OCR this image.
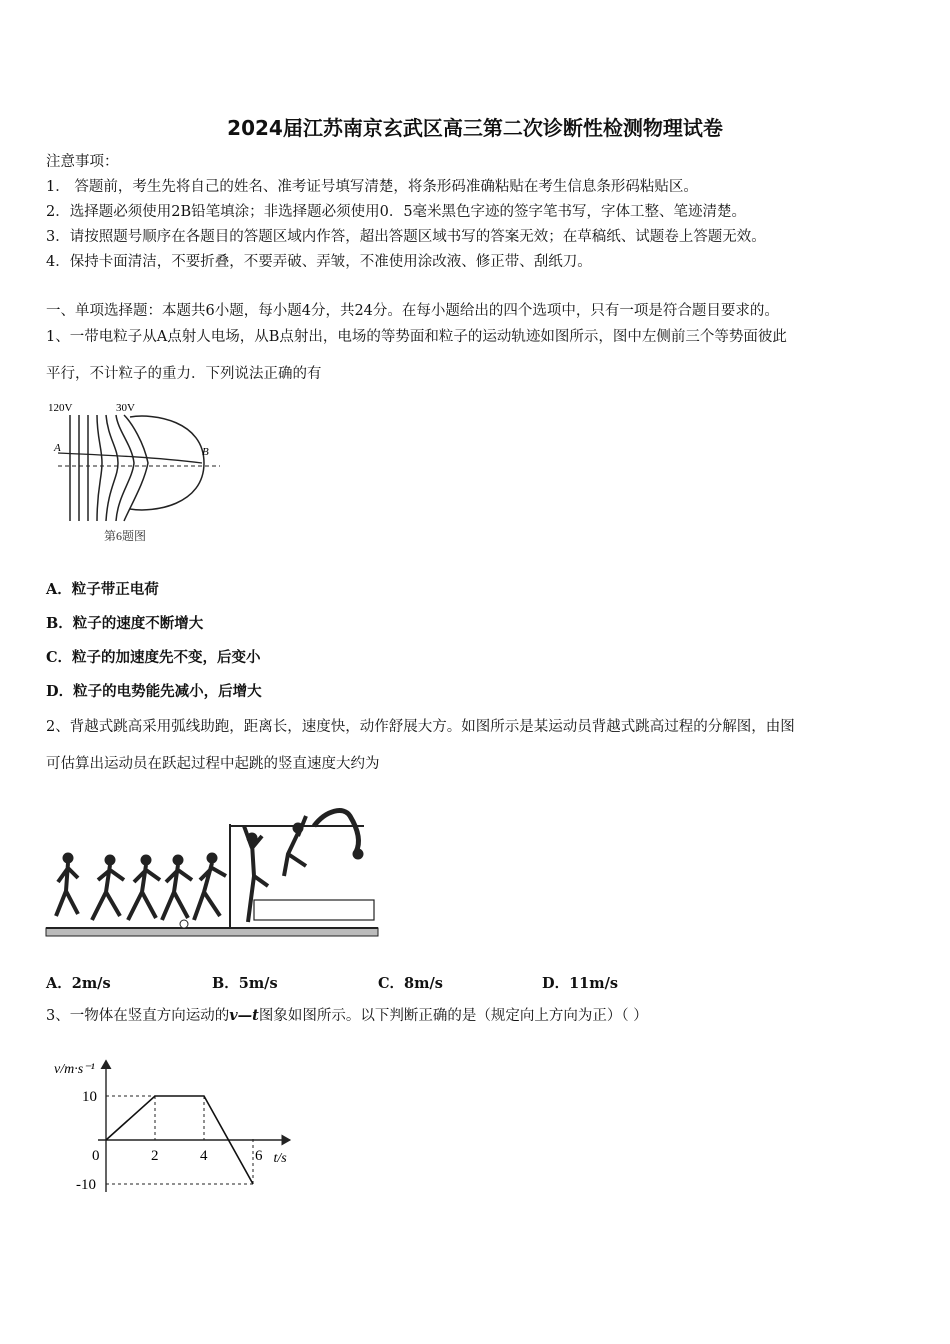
2024届江苏南京玄武区高三第二次诊断性检测物理试卷
注意事项：
1． 答题前，考生先将自己的姓名、准考证号填写清楚，将条形码准确粘贴在考生信息条形码粘贴区。
2．选择题必须使用2B铅笔填涂；非选择题必须使用0．5毫米黑色字迹的签字笔书写，字体工整、笔迹清楚。
3．请按照题号顺序在各题目的答题区域内作答，超出答题区域书写的答案无效；在草稿纸、试题卷上答题无效。
4．保持卡面清洁，不要折叠，不要弄破、弄皱，不准使用涂改液、修正带、刮纸刀。
一、单项选择题：本题共6小题，每小题4分，共24分。在每小题给出的四个选项中，只有一项是符合题目要求的。
1、一带电粒子从A点射人电场，从B点射出，电场的等势面和粒子的运动轨迹如图所示，图中左侧前三个等势面彼此
平行，不计粒子的重力．下列说法正确的有
120V	30V
A	B
第6题图
A．粒子带正电荷
B．粒子的速度不断增大
C．粒子的加速度先不变，后变小
D．粒子的电势能先减小，后增大
2、背越式跳高采用弧线助跑，距离长，速度快，动作舒展大方。如图所示是某运动员背越式跳高过程的分解图，由图
可估算出运动员在跃起过程中起跳的竖直速度大约为
A．2m/s	B．5m/s	C．8m/s	D．11m/s
3、一物体在竖直方向运动的v—t图象如图所示。以下判断正确的是（规定向上方向为正）（ ）
0	2	4	6
10
-10
v/m·s⁻¹
t/s
